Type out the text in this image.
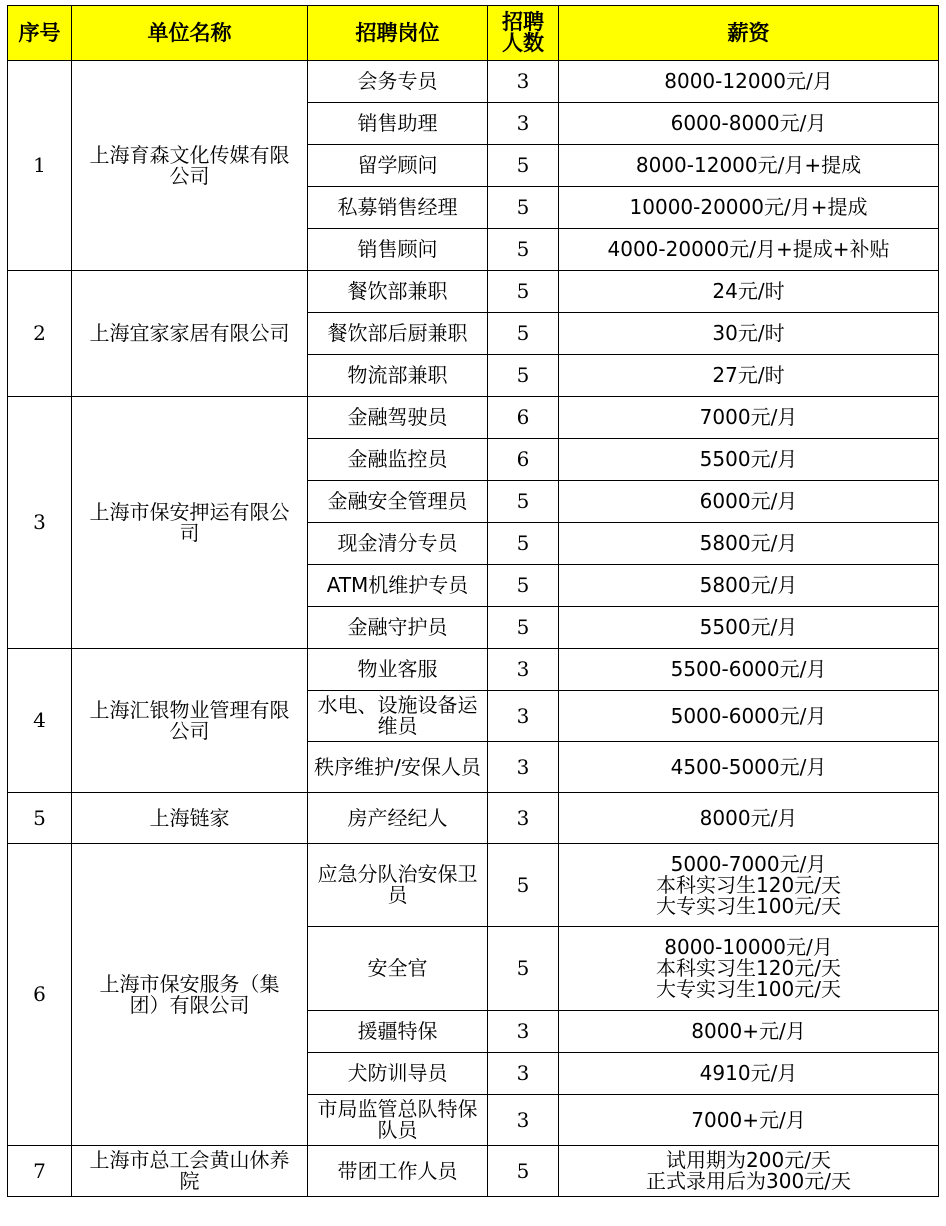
序号	单位名称	招聘岗位	招聘人数	薪资
1	上海育森文化传媒有限公司	会务专员	3	8000-12000元/月

		销售助理	3	6000-8000元/月

		留学顾问	5	8000-12000元/月+提成

		私募销售经理	5	10000-20000元/月+提成

		销售顾问	5	4000-20000元/月+提成+补贴

2	上海宜家家居有限公司	餐饮部兼职	5	24元/时

		餐饮部后厨兼职	5	30元/时

		物流部兼职	5	27元/时

3	上海市保安押运有限公司	金融驾驶员	6	7000元/月

		金融监控员	6	5500元/月

		金融安全管理员	5	6000元/月

		现金清分专员	5	5800元/月

		ATM机维护专员	5	5800元/月

		金融守护员	5	5500元/月

4	上海汇银物业管理有限公司	物业客服	3	5500-6000元/月

		水电、设施设备运维员	3	5000-6000元/月

		秩序维护/安保人员	3	4500-5000元/月

5	上海链家	房产经纪人	3	8000元/月

6	上海市保安服务（集团）有限公司	应急分队治安保卫员	5	5000-7000元/月
本科实习生120元/天
大专实习生100元/天

		安全官	5	8000-10000元/月
本科实习生120元/天
大专实习生100元/天

		援疆特保	3	8000+元/月

		犬防训导员	3	4910元/月

		市局监管总队特保队员	3	7000+元/月

7	上海市总工会黄山休养院	带团工作人员	5	试用期为200元/天
正式录用后为300元/天
